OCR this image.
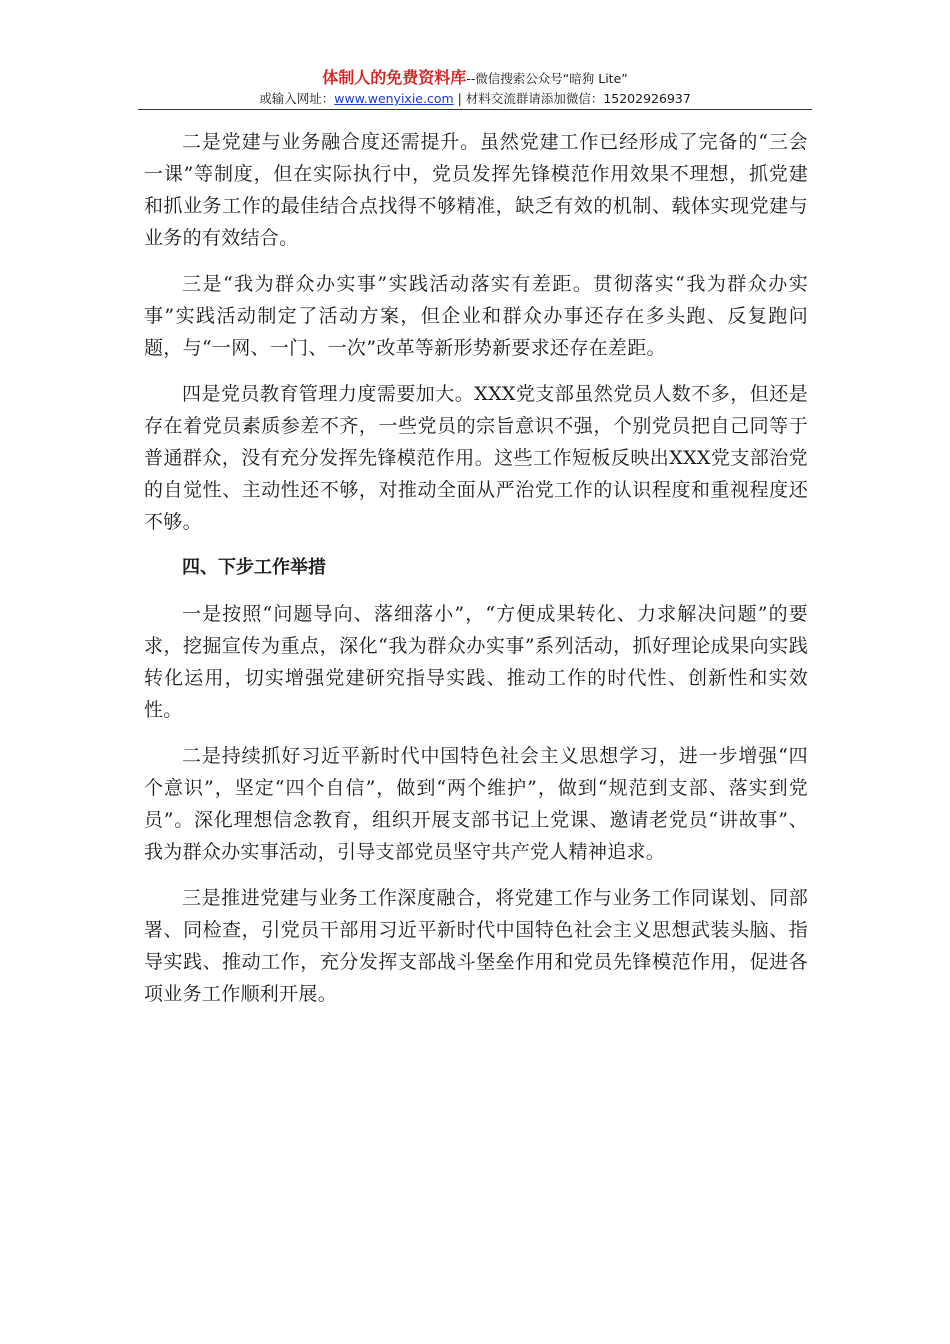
体制人的免费资料库--微信搜索公众号“暗狗 Lite”
或输入网址：www.wenyixie.com | 材料交流群请添加微信：15202926937

二是党建与业务融合度还需提升。虽然党建工作已经形成了完备的“三会一课”等制度，但在实际执行中，党员发挥先锋模范作用效果不理想，抓党建和抓业务工作的最佳结合点找得不够精准，缺乏有效的机制、载体实现党建与业务的有效结合。

三是“我为群众办实事”实践活动落实有差距。贯彻落实“我为群众办实事”实践活动制定了活动方案，但企业和群众办事还存在多头跑、反复跑问题，与“一网、一门、一次”改革等新形势新要求还存在差距。

四是党员教育管理力度需要加大。XXX党支部虽然党员人数不多，但还是存在着党员素质参差不齐，一些党员的宗旨意识不强，个别党员把自己同等于普通群众，没有充分发挥先锋模范作用。这些工作短板反映出XXX党支部治党的自觉性、主动性还不够，对推动全面从严治党工作的认识程度和重视程度还不够。

四、下步工作举措

一是按照“问题导向、落细落小”，“方便成果转化、力求解决问题”的要求，挖掘宣传为重点，深化“我为群众办实事”系列活动，抓好理论成果向实践转化运用，切实增强党建研究指导实践、推动工作的时代性、创新性和实效性。

二是持续抓好习近平新时代中国特色社会主义思想学习，进一步增强“四个意识”，坚定“四个自信”，做到“两个维护”，做到“规范到支部、落实到党员”。深化理想信念教育，组织开展支部书记上党课、邀请老党员“讲故事”、我为群众办实事活动，引导支部党员坚守共产党人精神追求。

三是推进党建与业务工作深度融合，将党建工作与业务工作同谋划、同部署、同检查，引党员干部用习近平新时代中国特色社会主义思想武装头脑、指导实践、推动工作，充分发挥支部战斗堡垒作用和党员先锋模范作用，促进各项业务工作顺利开展。
